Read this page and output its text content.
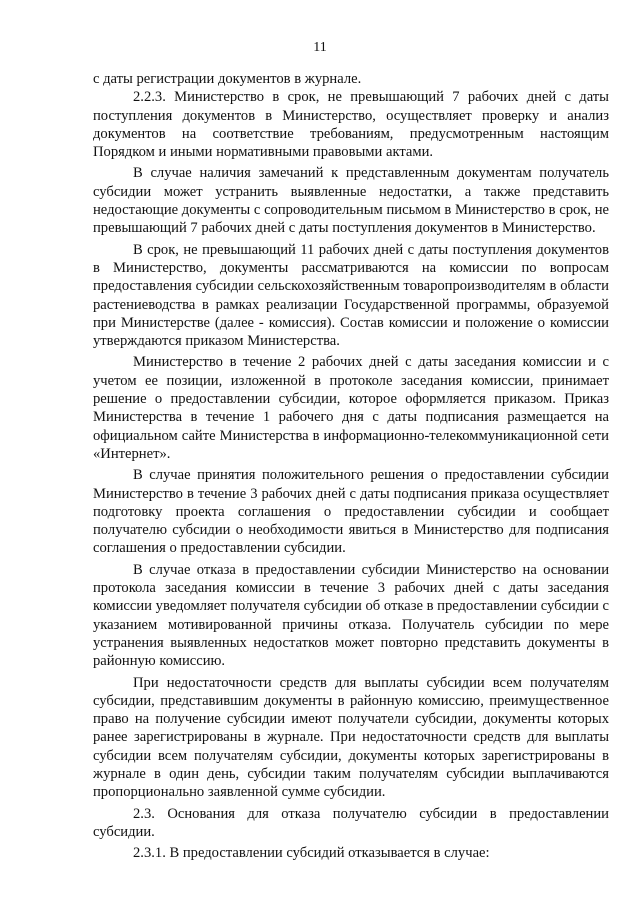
11

с даты регистрации документов в журнале.

2.2.3. Министерство в срок, не превышающий 7 рабочих дней с даты поступления документов в Министерство, осуществляет проверку и анализ документов на соответствие требованиям, предусмотренным настоящим Порядком и иными нормативными правовыми актами.

В случае наличия замечаний к представленным документам получатель субсидии может устранить выявленные недостатки, а также представить недостающие документы с сопроводительным письмом в Министерство в срок, не превышающий 7 рабочих дней с даты поступления документов в Министерство.

В срок, не превышающий 11 рабочих дней с даты поступления документов в Министерство, документы рассматриваются на комиссии по вопросам предоставления субсидии сельскохозяйственным товаропроизводителям в области растениеводства в рамках реализации Государственной программы, образуемой при Министерстве (далее - комиссия). Состав комиссии и положение о комиссии утверждаются приказом Министерства.

Министерство в течение 2 рабочих дней с даты заседания комиссии и с учетом ее позиции, изложенной в протоколе заседания комиссии, принимает решение о предоставлении субсидии, которое оформляется приказом. Приказ Министерства в течение 1 рабочего дня с даты подписания размещается на официальном сайте Министерства в информационно-телекоммуникационной сети «Интернет».

В случае принятия положительного решения о предоставлении субсидии Министерство в течение 3 рабочих дней с даты подписания приказа осуществляет подготовку проекта соглашения о предоставлении субсидии и сообщает получателю субсидии о необходимости явиться в Министерство для подписания соглашения о предоставлении субсидии.

В случае отказа в предоставлении субсидии Министерство на основании протокола заседания комиссии в течение 3 рабочих дней с даты заседания комиссии уведомляет получателя субсидии об отказе в предоставлении субсидии с указанием мотивированной причины отказа. Получатель субсидии по мере устранения выявленных недостатков может повторно представить документы в районную комиссию.

При недостаточности средств для выплаты субсидии всем получателям субсидии, представившим документы в районную комиссию, преимущественное право на получение субсидии имеют получатели субсидии, документы которых ранее зарегистрированы в журнале. При недостаточности средств для выплаты субсидии всем получателям субсидии, документы которых зарегистрированы в журнале в один день, субсидии таким получателям субсидии выплачиваются пропорционально заявленной сумме субсидии.

2.3. Основания для отказа получателю субсидии в предоставлении субсидии.

2.3.1. В предоставлении субсидий отказывается в случае:
